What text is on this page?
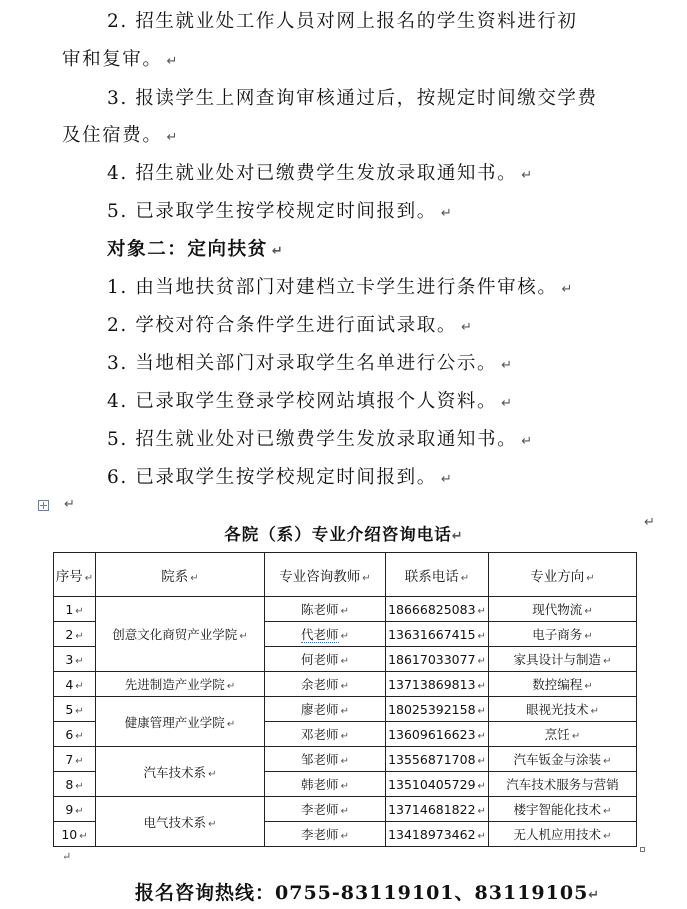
2. 招生就业处工作人员对网上报名的学生资料进行初
审和复审。 ↵
3. 报读学生上网查询审核通过后，按规定时间缴交学费
及住宿费。 ↵
4. 招生就业处对已缴费学生发放录取通知书。 ↵
5. 已录取学生按学校规定时间报到。 ↵
对象二：定向扶贫 ↵
1. 由当地扶贫部门对建档立卡学生进行条件审核。 ↵
2. 学校对符合条件学生进行面试录取。 ↵
3. 当地相关部门对录取学生名单进行公示。 ↵
4. 已录取学生登录学校网站填报个人资料。 ↵
5. 招生就业处对已缴费学生发放录取通知书。 ↵
6. 已录取学生按学校规定时间报到。 ↵
↵
各院（系）专业介绍咨询电话↵
↵
序号 ↵	院系 ↵	专业咨询教师 ↵	联系电话 ↵	专业方向 ↵
1 ↵	创意文化商贸产业学院 ↵	陈老师 ↵	18666825083 ↵	现代物流 ↵
2 ↵		代老师 ↵	13631667415 ↵	电子商务 ↵
3 ↵		何老师 ↵	18617033077 ↵	家具设计与制造 ↵
4 ↵	先进制造产业学院 ↵	余老师 ↵	13713869813 ↵	数控编程 ↵
5 ↵	健康管理产业学院 ↵	廖老师 ↵	18025392158 ↵	眼视光技术 ↵
6 ↵		邓老师 ↵	13609616623 ↵	烹饪 ↵
7 ↵	汽车技术系 ↵	邹老师 ↵	13556871708 ↵	汽车钣金与涂装 ↵
8 ↵		韩老师 ↵	13510405729 ↵	汽车技术服务与营销
9 ↵	电气技术系 ↵	李老师 ↵	13714681822 ↵	楼宇智能化技术 ↵
10 ↵		李老师 ↵	13418973462 ↵	无人机应用技术 ↵
↵
报名咨询热线：0755-83119101、83119105↵
